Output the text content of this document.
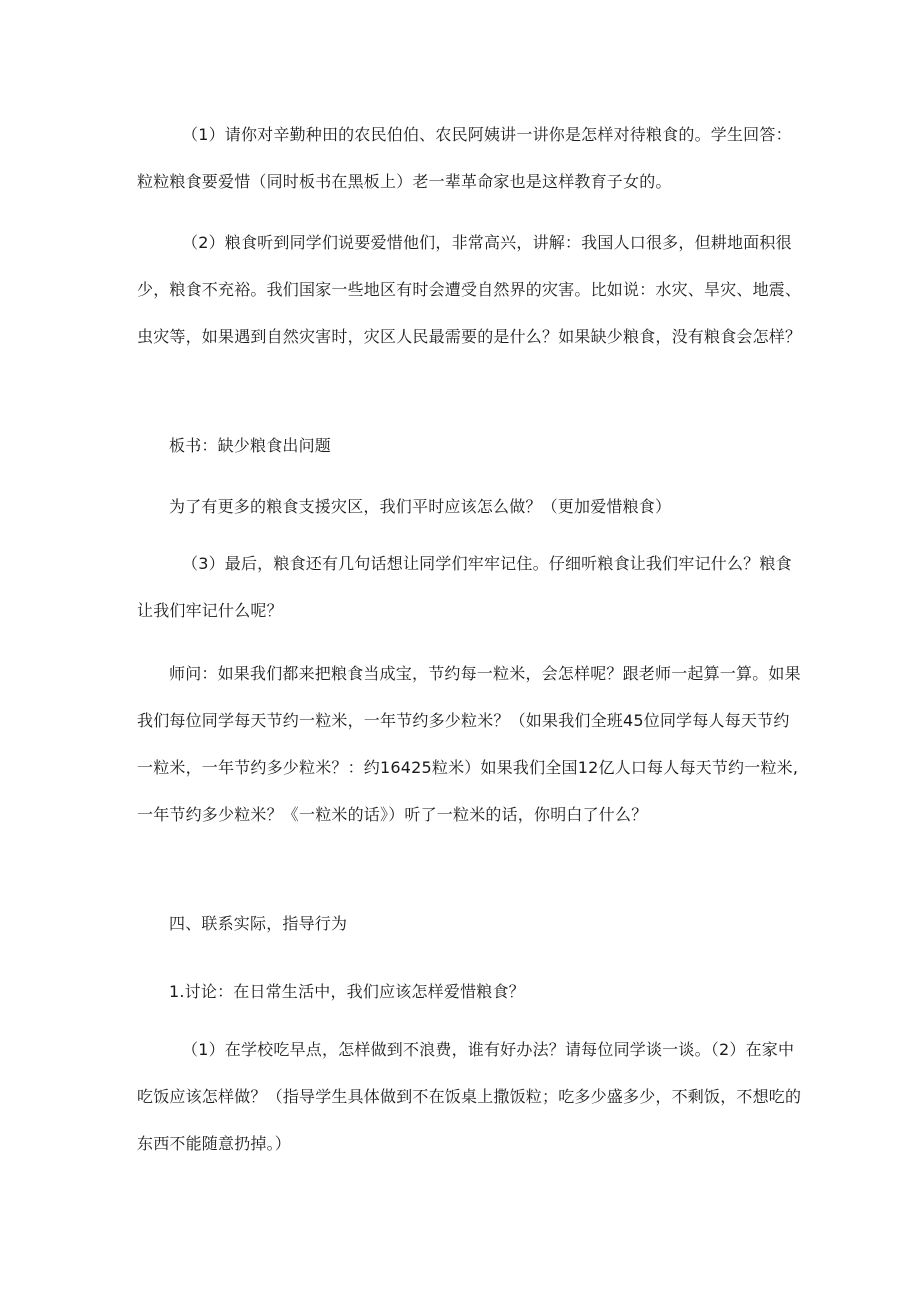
（1）请你对辛勤种田的农民伯伯、农民阿姨讲一讲你是怎样对待粮食的。学生回答：粒粒粮食要爱惜（同时板书在黑板上）老一辈革命家也是这样教育子女的。

（2）粮食听到同学们说要爱惜他们，非常高兴，讲解：我国人口很多，但耕地面积很少，粮食不充裕。我们国家一些地区有时会遭受自然界的灾害。比如说：水灾、旱灾、地震、虫灾等，如果遇到自然灾害时，灾区人民最需要的是什么？如果缺少粮食，没有粮食会怎样？

板书：缺少粮食出问题

为了有更多的粮食支援灾区，我们平时应该怎么做？（更加爱惜粮食）

（3）最后，粮食还有几句话想让同学们牢牢记住。仔细听粮食让我们牢记什么？粮食让我们牢记什么呢？

师问：如果我们都来把粮食当成宝，节约每一粒米，会怎样呢？跟老师一起算一算。如果我们每位同学每天节约一粒米，一年节约多少粒米？（如果我们全班45位同学每人每天节约一粒米，一年节约多少粒米？：约16425粒米）如果我们全国12亿人口每人每天节约一粒米,一年节约多少粒米？《一粒米的话》）听了一粒米的话，你明白了什么？

四、联系实际，指导行为

1.讨论：在日常生活中，我们应该怎样爱惜粮食？

（1）在学校吃早点，怎样做到不浪费，谁有好办法？请每位同学谈一谈。（2）在家中吃饭应该怎样做？（指导学生具体做到不在饭桌上撒饭粒；吃多少盛多少，不剩饭，不想吃的东西不能随意扔掉。）
